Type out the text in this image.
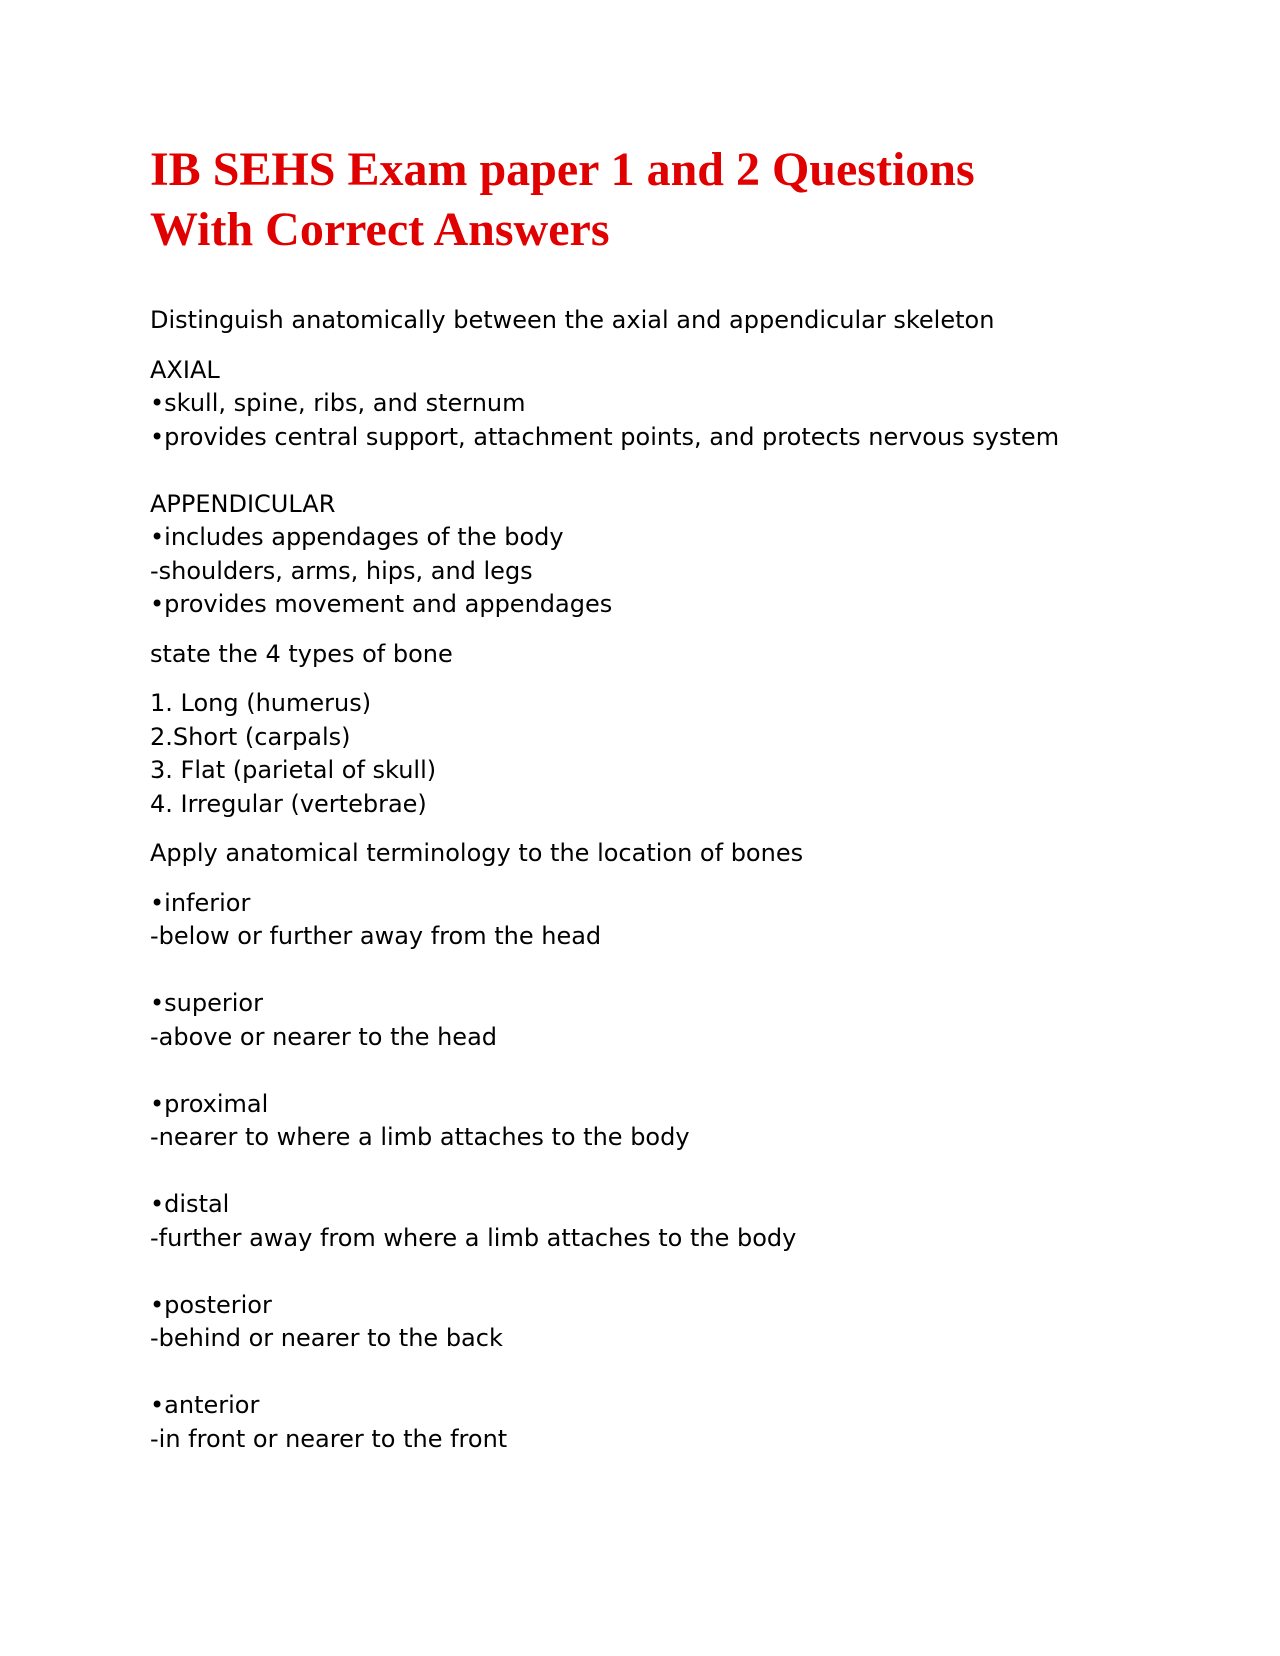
IB SEHS Exam paper 1 and 2 Questions
With Correct Answers
Distinguish anatomically between the axial and appendicular skeleton
AXIAL
•skull, spine, ribs, and sternum
•provides central support, attachment points, and protects nervous system
APPENDICULAR
•includes appendages of the body
-shoulders, arms, hips, and legs
•provides movement and appendages
state the 4 types of bone
1. Long (humerus)
2.Short (carpals)
3. Flat (parietal of skull)
4. Irregular (vertebrae)
Apply anatomical terminology to the location of bones
•inferior
-below or further away from the head
•superior
-above or nearer to the head
•proximal
-nearer to where a limb attaches to the body
•distal
-further away from where a limb attaches to the body
•posterior
-behind or nearer to the back
•anterior
-in front or nearer to the front
